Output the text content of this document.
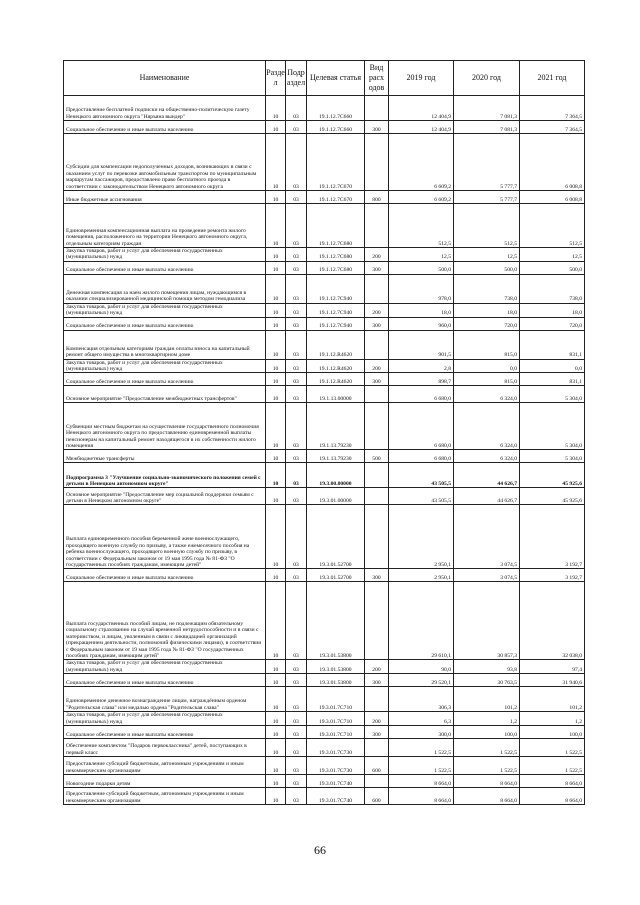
Наименование	Разде л	Подр аздел	Целевая статья	Вид расх одов	2019 год	2020 год	2021 год
Предоставление бесплатной подписки на общественно-политическую газету Ненецкого автономного округа "Няръяна вындер"	10	03	19.1.12.7С660		12 404,9	7 081,3	7 364,5
Социальное обеспечение и иные выплаты населению	10	03	19.1.12.7С660	300	12 404,9	7 081,3	7 364,5
Субсидии для компенсации недополученных доходов, возникающих в связи с оказанием услуг по перевозке автомобильным транспортом по муниципальным маршрутам пассажиров, предоставлено право бесплатного проезда в соответствии с законодательством Ненецкого автономного округа	10	03	19.1.12.7С670		6 609,2	5 777,7	6 008,8
Иные бюджетные ассигнования	10	03	19.1.12.7С670	800	6 609,2	5 777,7	6 008,8
Единовременная компенсационная выплата на проведение ремонта жилого помещения, расположенного на территории Ненецкого автономного округа, отдельным категориям граждан	10	03	19.1.12.7С680		512,5	512,5	512,5
Закупка товаров, работ и услуг для обеспечения государственных (муниципальных) нужд	10	03	19.1.12.7С680	200	12,5	12,5	12,5
Социальное обеспечение и иные выплаты населению	10	03	19.1.12.7С680	300	500,0	500,0	500,0
Денежная компенсация за наем жилого помещения лицам, нуждающимся в оказании специализированной медицинской помощи методом гемодиализа	10	03	19.1.12.7С940		978,0	738,0	738,0
Закупка товаров, работ и услуг для обеспечения государственных (муниципальных) нужд	10	03	19.1.12.7С940	200	18,0	18,0	18,0
Социальное обеспечение и иные выплаты населению	10	03	19.1.12.7С940	300	960,0	720,0	720,0
Компенсация отдельным категориям граждан оплаты взноса на капитальный ремонт общего имущества в многоквартирном доме	10	03	19.1.12.R4620		901,5	815,0	831,1
Закупка товаров, работ и услуг для обеспечения государственных (муниципальных) нужд	10	03	19.1.12.R4620	200	2,8	0,0	0,0
Социальное обеспечение и иные выплаты населению	10	03	19.1.12.R4620	300	898,7	815,0	831,1
Основное мероприятие "Предоставление межбюджетных трансфертов"	10	03	19.1.13.00000		6 680,0	6 324,0	5 304,0
Субвенции местным бюджетам на осуществление государственного полномочия Ненецкого автономного округа по предоставлению единовременной выплаты пенсионерам на капитальный ремонт находящегося в их собственности жилого помещения	10	03	19.1.13.79230		6 680,0	6 324,0	5 304,0
Межбюджетные трансферты	10	03	19.1.13.79230	500	6 680,0	6 324,0	5 304,0
Подпрограмма 3 "Улучшение социально-экономического положения семей с детьми в Ненецком автономном округе"	10	03	19.3.00.00000		43 505,5	44 626,7	45 925,6
Основное мероприятие "Предоставление мер социальной поддержки семьям с детьми в Ненецком автономном округе"	10	03	19.3.01.00000		43 505,5	44 626,7	45 925,6
Выплата единовременного пособия беременной жене военнослужащего, проходящего военную службу по призыву, а также ежемесячного пособия на ребенка военнослужащего, проходящего военную службу по призыву, в соответствии с Федеральным законом от 19 мая 1995 года № 81-ФЗ "О государственных пособиях гражданам, имеющим детей"	10	03	19.3.01.52700		2 950,1	3 074,5	3 192,7
Социальное обеспечение и иные выплаты населению	10	03	19.3.01.52700	300	2 950,1	3 074,5	3 192,7
Выплата государственных пособий лицам, не подлежащим обязательному социальному страхованию на случай временной нетрудоспособности и в связи с материнством, и лицам, уволенным в связи с ликвидацией организаций (прекращением деятельности, полномочий физическими лицами), в соответствии с Федеральным законом от 19 мая 1995 года № 81-ФЗ "О государственных пособиях гражданам, имеющим детей"	10	03	19.3.01.53800		29 610,1	30 857,3	32 038,0
Закупка товаров, работ и услуг для обеспечения государственных (муниципальных) нужд	10	03	19.3.01.53800	200	90,0	93,8	97,4
Социальное обеспечение и иные выплаты населению	10	03	19.3.01.53800	300	29 520,1	30 763,5	31 940,6
Единовременное денежное вознаграждение лицам, награждённым орденом "Родительская слава" или медалью ордена "Родительская слава"	10	03	19.3.01.7С710		306,3	101,2	101,2
Закупка товаров, работ и услуг для обеспечения государственных (муниципальных) нужд	10	03	19.3.01.7С710	200	6,3	1,2	1,2
Социальное обеспечение и иные выплаты населению	10	03	19.3.01.7С710	300	300,0	100,0	100,0
Обеспечение комплектом "Подарок первоклассника" детей, поступающих в первый класс	10	03	19.3.01.7С730		1 522,5	1 522,5	1 522,5
Предоставление субсидий бюджетным, автономным учреждениям и иным некоммерческим организациям	10	03	19.3.01.7С730	600	1 522,5	1 522,5	1 522,5
Новогодние подарки детям	10	03	19.3.01.7С740		8 664,0	8 664,0	8 664,0
Предоставление субсидий бюджетным, автономным учреждениям и иным некоммерческим организациям	10	03	19.3.01.7С740	600	8 664,0	8 664,0	8 664,0
66
